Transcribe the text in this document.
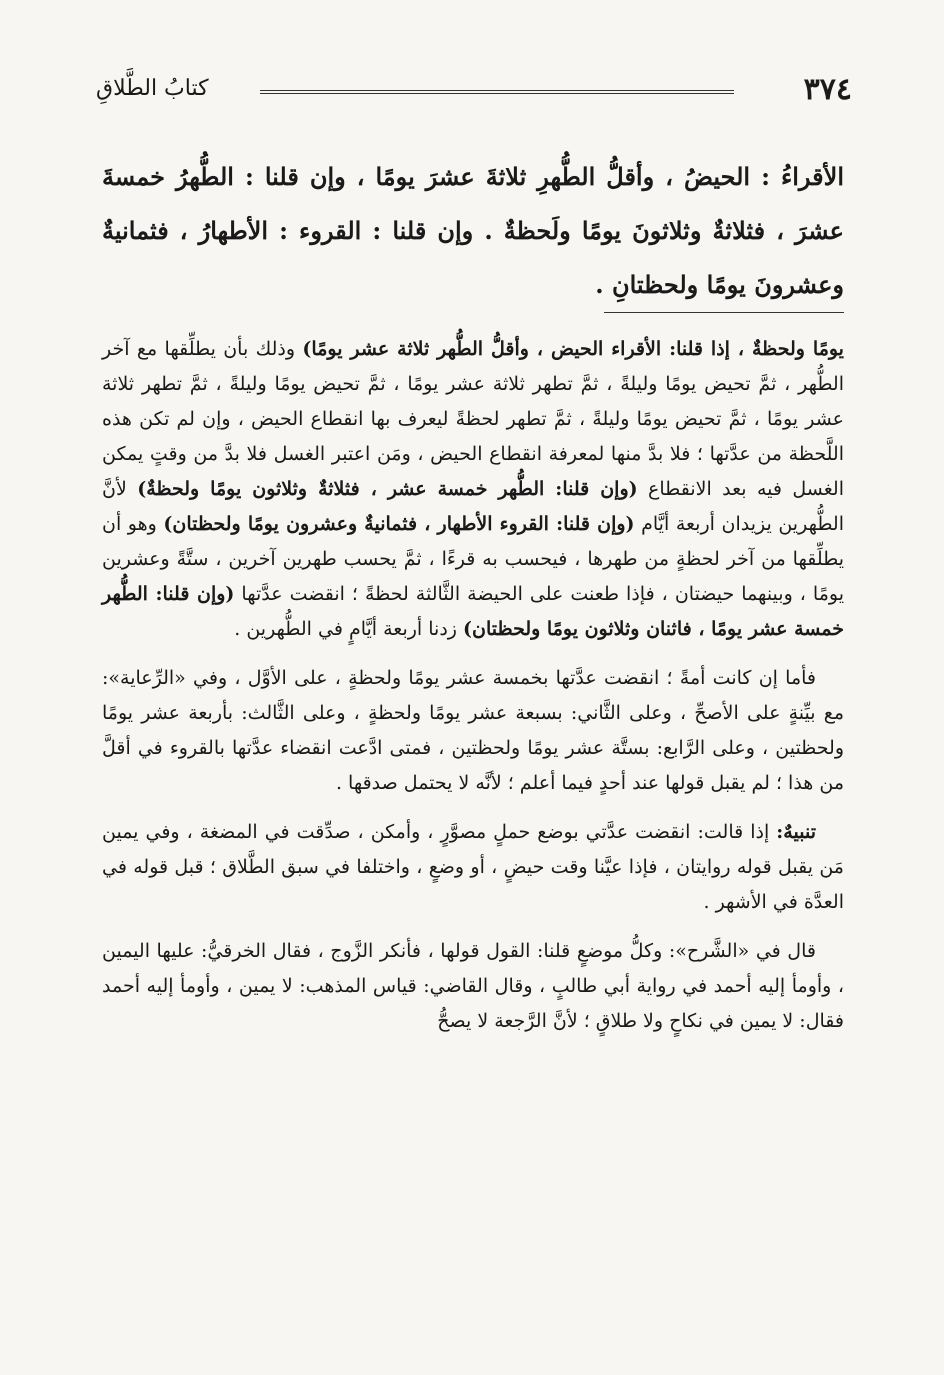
٣٧٤
كتابُ الطَّلاقِ
الأقراءُ : الحيضُ ، وأقلُّ الطُّهرِ ثلاثةَ عشرَ يومًا ، وإن قلنا : الطُّهرُ خمسةَ عشرَ ، فثلاثةٌ وثلاثونَ يومًا ولَحظةٌ . وإن قلنا : القروء : الأطهارُ ، فثمانيةٌ وعشرونَ يومًا ولحظتانِ .

يومًا ولحظةٌ ، إذا قلنا: الأقراء الحيض ، وأقلُّ الطُّهر ثلاثة عشر يومًا) وذلك بأن يطلِّقها مع آخر الطُّهر ، ثمَّ تحيض يومًا وليلةً ، ثمَّ تطهر ثلاثة عشر يومًا ، ثمَّ تحيض يومًا وليلةً ، ثمَّ تطهر ثلاثة عشر يومًا ، ثمَّ تحيض يومًا وليلةً ، ثمَّ تطهر لحظةً ليعرف بها انقطاع الحيض ، وإن لم تكن هذه اللَّحظة من عدَّتها ؛ فلا بدَّ منها لمعرفة انقطاع الحيض ، ومَن اعتبر الغسل فلا بدَّ من وقتٍ يمكن الغسل فيه بعد الانقطاع (وإن قلنا: الطُّهر خمسة عشر ، فثلاثةٌ وثلاثون يومًا ولحظةٌ) لأنَّ الطُّهرين يزيدان أربعة أيَّام (وإن قلنا: القروء الأطهار ، فثمانيةٌ وعشرون يومًا ولحظتان) وهو أن يطلِّقها من آخر لحظةٍ من طهرها ، فيحسب به قرءًا ، ثمَّ يحسب طهرين آخرين ، ستَّةً وعشرين يومًا ، وبينهما حيضتان ، فإذا طعنت على الحيضة الثَّالثة لحظةً ؛ انقضت عدَّتها (وإن قلنا: الطُّهر خمسة عشر يومًا ، فاثنان وثلاثون يومًا ولحظتان) زدنا أربعة أيَّامٍ في الطُّهرين .

فأما إن كانت أمةً ؛ انقضت عدَّتها بخمسة عشر يومًا ولحظةٍ ، على الأوَّل ، وفي «الرِّعاية»: مع بيِّنةٍ على الأصحِّ ، وعلى الثَّاني: بسبعة عشر يومًا ولحظةٍ ، وعلى الثَّالث: بأربعة عشر يومًا ولحظتين ، وعلى الرَّابع: بستَّة عشر يومًا ولحظتين ، فمتى ادَّعت انقضاء عدَّتها بالقروء في أقلَّ من هذا ؛ لم يقبل قولها عند أحدٍ فيما أعلم ؛ لأنَّه لا يحتمل صدقها .

تنبيهٌ: إذا قالت: انقضت عدَّتي بوضع حملٍ مصوَّرٍ ، وأمكن ، صدِّقت في المضغة ، وفي يمين مَن يقبل قوله روايتان ، فإذا عيَّنا وقت حيضٍ ، أو وضعٍ ، واختلفا في سبق الطَّلاق ؛ قبل قوله في العدَّة في الأشهر .

قال في «الشَّرح»: وكلُّ موضعٍ قلنا: القول قولها ، فأنكر الزَّوج ، فقال الخرقيُّ: عليها اليمين ، وأومأ إليه أحمد في رواية أبي طالبٍ ، وقال القاضي: قياس المذهب: لا يمين ، وأومأ إليه أحمد فقال: لا يمين في نكاحٍ ولا طلاقٍ ؛ لأنَّ الرَّجعة لا يصحُّ
